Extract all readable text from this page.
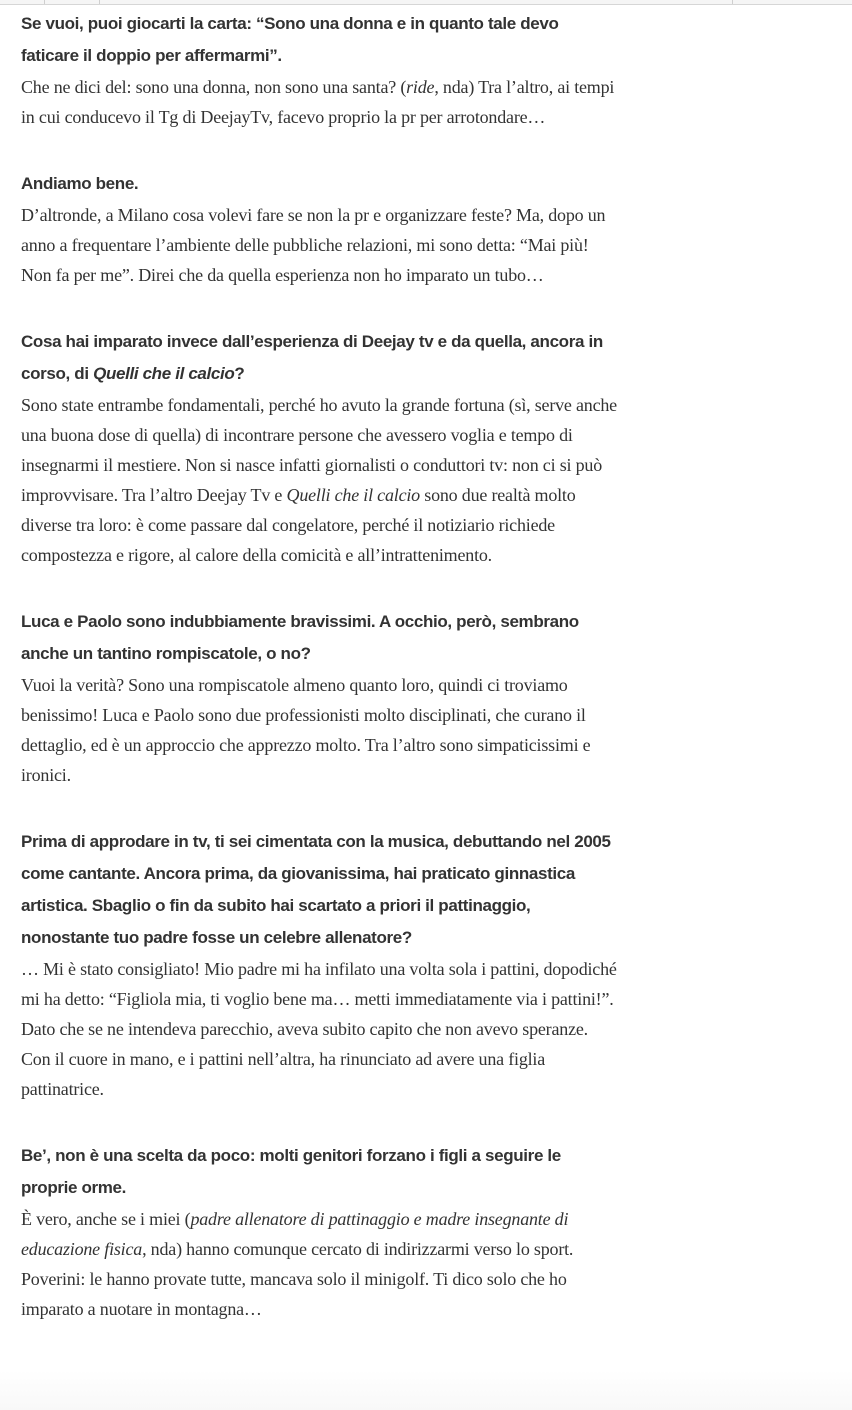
Se vuoi, puoi giocarti la carta: “Sono una donna e in quanto tale devo faticare il doppio per affermarmi”.

Che ne dici del: sono una donna, non sono una santa? (ride, nda) Tra l’altro, ai tempi in cui conducevo il Tg di DeejayTv, facevo proprio la pr per arrotondare…

Andiamo bene.

D’altronde, a Milano cosa volevi fare se non la pr e organizzare feste? Ma, dopo un anno a frequentare l’ambiente delle pubbliche relazioni, mi sono detta: “Mai più! Non fa per me”. Direi che da quella esperienza non ho imparato un tubo…

Cosa hai imparato invece dall’esperienza di Deejay tv e da quella, ancora in corso, di Quelli che il calcio?

Sono state entrambe fondamentali, perché ho avuto la grande fortuna (sì, serve anche una buona dose di quella) di incontrare persone che avessero voglia e tempo di insegnarmi il mestiere. Non si nasce infatti giornalisti o conduttori tv: non ci si può improvvisare. Tra l’altro Deejay Tv e Quelli che il calcio sono due realtà molto diverse tra loro: è come passare dal congelatore, perché il notiziario richiede compostezza e rigore, al calore della comicità e all’intrattenimento.

Luca e Paolo sono indubbiamente bravissimi. A occhio, però, sembrano anche un tantino rompiscatole, o no?

Vuoi la verità? Sono una rompiscatole almeno quanto loro, quindi ci troviamo benissimo! Luca e Paolo sono due professionisti molto disciplinati, che curano il dettaglio, ed è un approccio che apprezzo molto. Tra l’altro sono simpaticissimi e ironici.

Prima di approdare in tv, ti sei cimentata con la musica, debuttando nel 2005 come cantante. Ancora prima, da giovanissima, hai praticato ginnastica artistica. Sbaglio o fin da subito hai scartato a priori il pattinaggio, nonostante tuo padre fosse un celebre allenatore?

… Mi è stato consigliato! Mio padre mi ha infilato una volta sola i pattini, dopodiché mi ha detto: “Figliola mia, ti voglio bene ma… metti immediatamente via i pattini!”. Dato che se ne intendeva parecchio, aveva subito capito che non avevo speranze. Con il cuore in mano, e i pattini nell’altra, ha rinunciato ad avere una figlia pattinatrice.

Be’, non è una scelta da poco: molti genitori forzano i figli a seguire le proprie orme.

È vero, anche se i miei (padre allenatore di pattinaggio e madre insegnante di educazione fisica, nda) hanno comunque cercato di indirizzarmi verso lo sport. Poverini: le hanno provate tutte, mancava solo il minigolf. Ti dico solo che ho imparato a nuotare in montagna…
